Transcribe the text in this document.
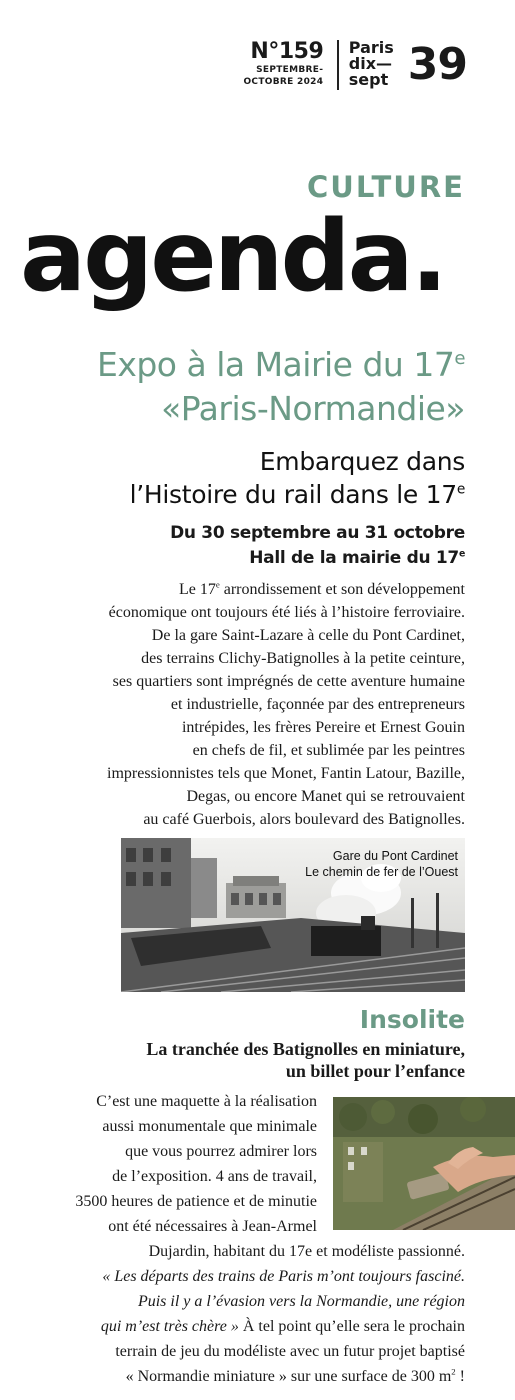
N°159
SEPTEMBRE-
OCTOBRE 2024
Paris
dix—
sept 39
CULTURE
agenda.
Expo à la Mairie du 17e
«Paris-Normandie»
Embarquez dans
l’Histoire du rail dans le 17e
Du 30 septembre au 31 octobre
Hall de la mairie du 17e
Le 17e arrondissement et son développement
économique ont toujours été liés à l’histoire ferroviaire.
De la gare Saint-Lazare à celle du Pont Cardinet,
des terrains Clichy-Batignolles à la petite ceinture,
ses quartiers sont imprégnés de cette aventure humaine
et industrielle, façonnée par des entrepreneurs
intrépides, les frères Pereire et Ernest Gouin
en chefs de fil, et sublimée par les peintres
impressionnistes tels que Monet, Fantin Latour, Bazille,
Degas, ou encore Manet qui se retrouvaient
au café Guerbois, alors boulevard des Batignolles.
Gare du Pont Cardinet
Le chemin de fer de l’Ouest
Insolite
La tranchée des Batignolles en miniature,
un billet pour l’enfance
C’est une maquette à la réalisation
aussi monumentale que minimale
que vous pourrez admirer lors
de l’exposition. 4 ans de travail,
3500 heures de patience et de minutie
ont été nécessaires à Jean-Armel
Dujardin, habitant du 17e et modéliste passionné.
« Les départs des trains de Paris m’ont toujours fasciné.
Puis il y a l’évasion vers la Normandie, une région
qui m’est très chère » À tel point qu’elle sera le prochain
terrain de jeu du modéliste avec un futur projet baptisé
« Normandie miniature » sur une surface de 300 $m^2$ !
